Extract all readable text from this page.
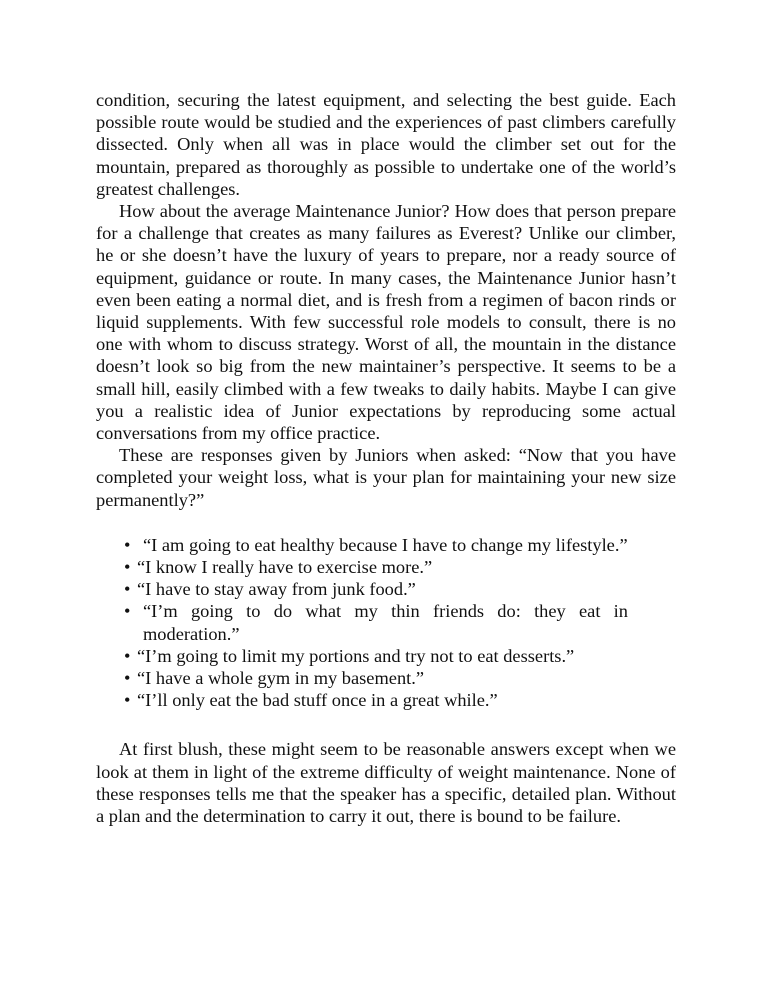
condition, securing the latest equipment, and selecting the best guide. Each possible route would be studied and the experiences of past climbers carefully dissected. Only when all was in place would the climber set out for the mountain, prepared as thoroughly as possible to undertake one of the world’s greatest challenges.

How about the average Maintenance Junior? How does that person prepare for a challenge that creates as many failures as Everest? Unlike our climber, he or she doesn’t have the luxury of years to prepare, nor a ready source of equipment, guidance or route. In many cases, the Maintenance Junior hasn’t even been eating a normal diet, and is fresh from a regimen of bacon rinds or liquid supplements. With few successful role models to consult, there is no one with whom to discuss strategy. Worst of all, the mountain in the distance doesn’t look so big from the new maintainer’s perspective. It seems to be a small hill, easily climbed with a few tweaks to daily habits. Maybe I can give you a realistic idea of Junior expectations by reproducing some actual conversations from my office practice.

These are responses given by Juniors when asked: “Now that you have completed your weight loss, what is your plan for maintaining your new size permanently?”

• “I am going to eat healthy because I have to change my lifestyle.”
• “I know I really have to exercise more.”
• “I have to stay away from junk food.”
• “I’m going to do what my thin friends do: they eat in moderation.”
• “I’m going to limit my portions and try not to eat desserts.”
• “I have a whole gym in my basement.”
• “I’ll only eat the bad stuff once in a great while.”

At first blush, these might seem to be reasonable answers except when we look at them in light of the extreme difficulty of weight maintenance. None of these responses tells me that the speaker has a specific, detailed plan. Without a plan and the determination to carry it out, there is bound to be failure.
